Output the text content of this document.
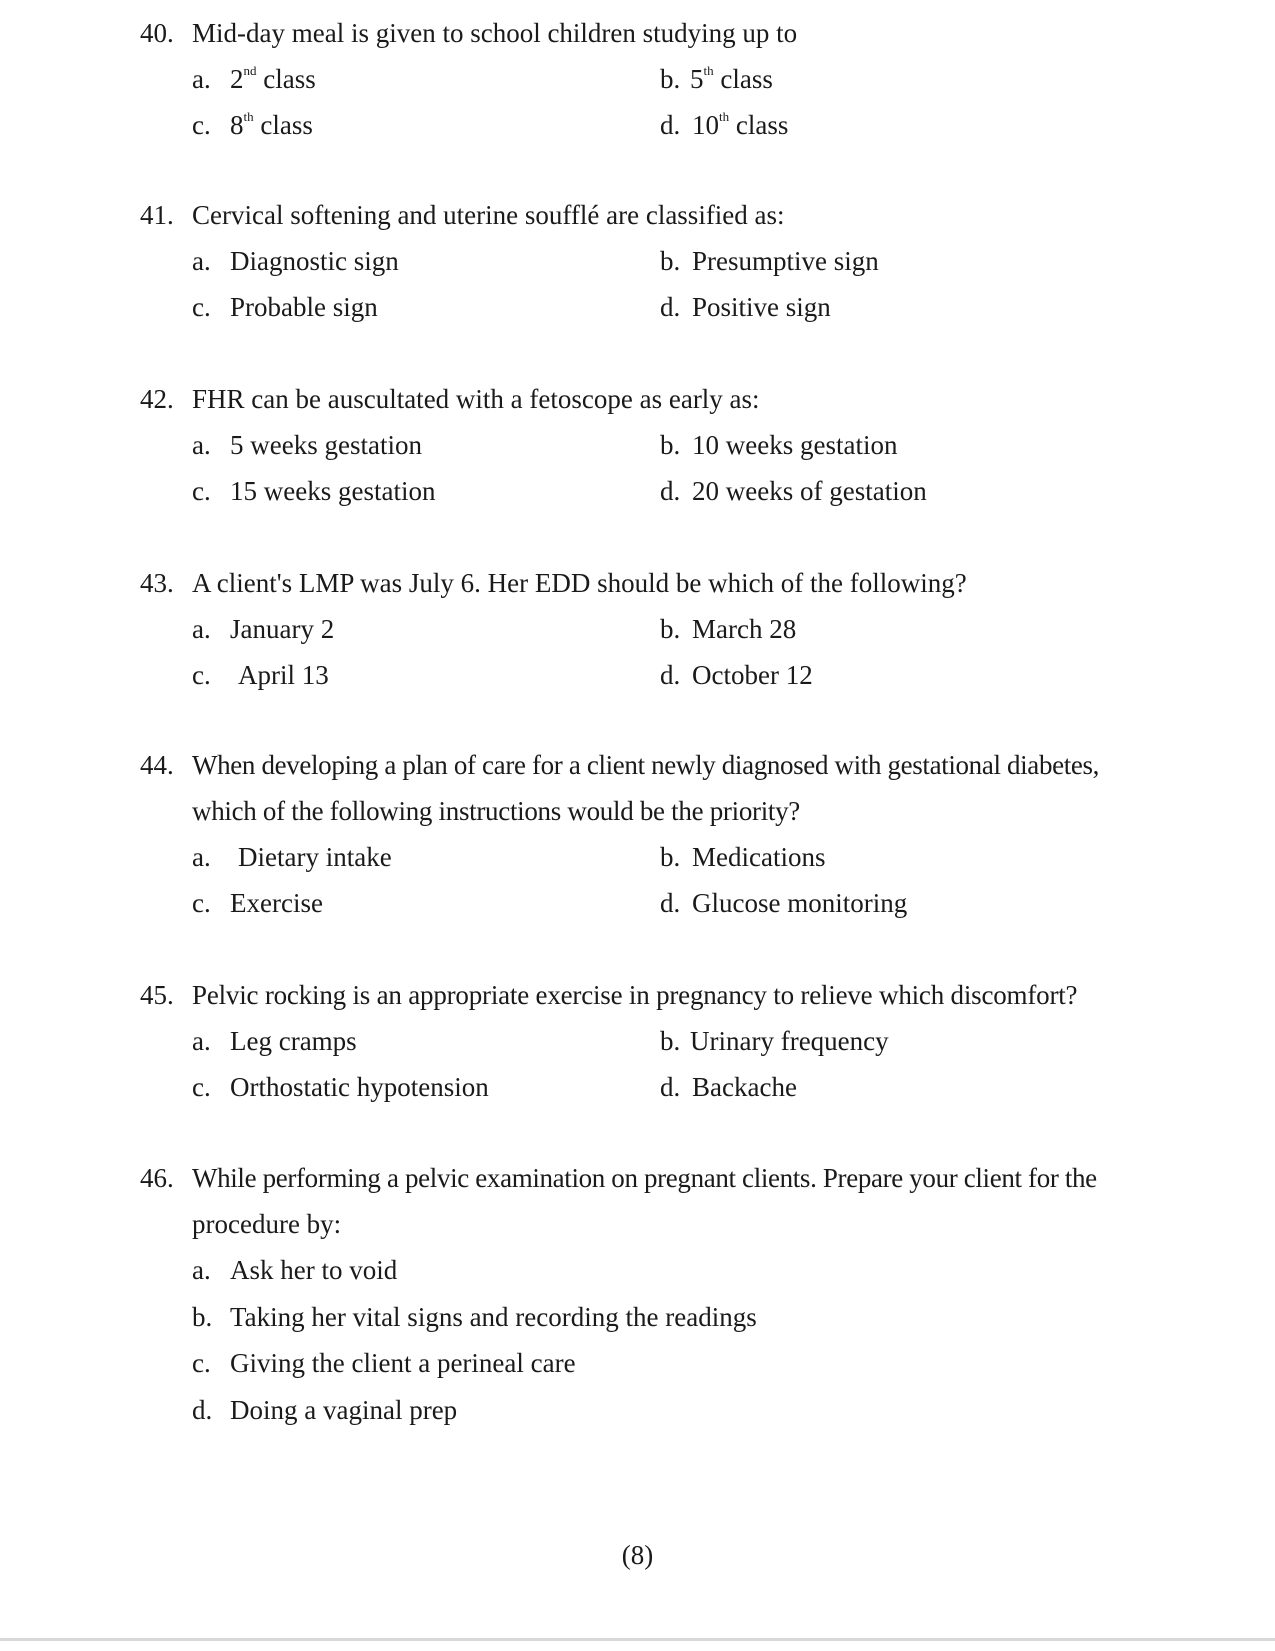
40. Mid-day meal is given to school children studying up to
a. 2nd class	b. 5th class
c. 8th class	d. 10th class
41. Cervical softening and uterine soufflé are classified as:
a. Diagnostic sign	b. Presumptive sign
c. Probable sign	d. Positive sign
42. FHR can be auscultated with a fetoscope as early as:
a. 5 weeks gestation	b. 10 weeks gestation
c. 15 weeks gestation	d. 20 weeks of gestation
43. A client's LMP was July 6. Her EDD should be which of the following?
a. January 2	b. March 28
c. April 13	d. October 12
44. When developing a plan of care for a client newly diagnosed with gestational diabetes,
which of the following instructions would be the priority?
a. Dietary intake	b. Medications
c. Exercise	d. Glucose monitoring
45. Pelvic rocking is an appropriate exercise in pregnancy to relieve which discomfort?
a. Leg cramps	b. Urinary frequency
c. Orthostatic hypotension	d. Backache
46. While performing a pelvic examination on pregnant clients. Prepare your client for the
procedure by:
a. Ask her to void
b. Taking her vital signs and recording the readings
c. Giving the client a perineal care
d. Doing a vaginal prep
(8)
